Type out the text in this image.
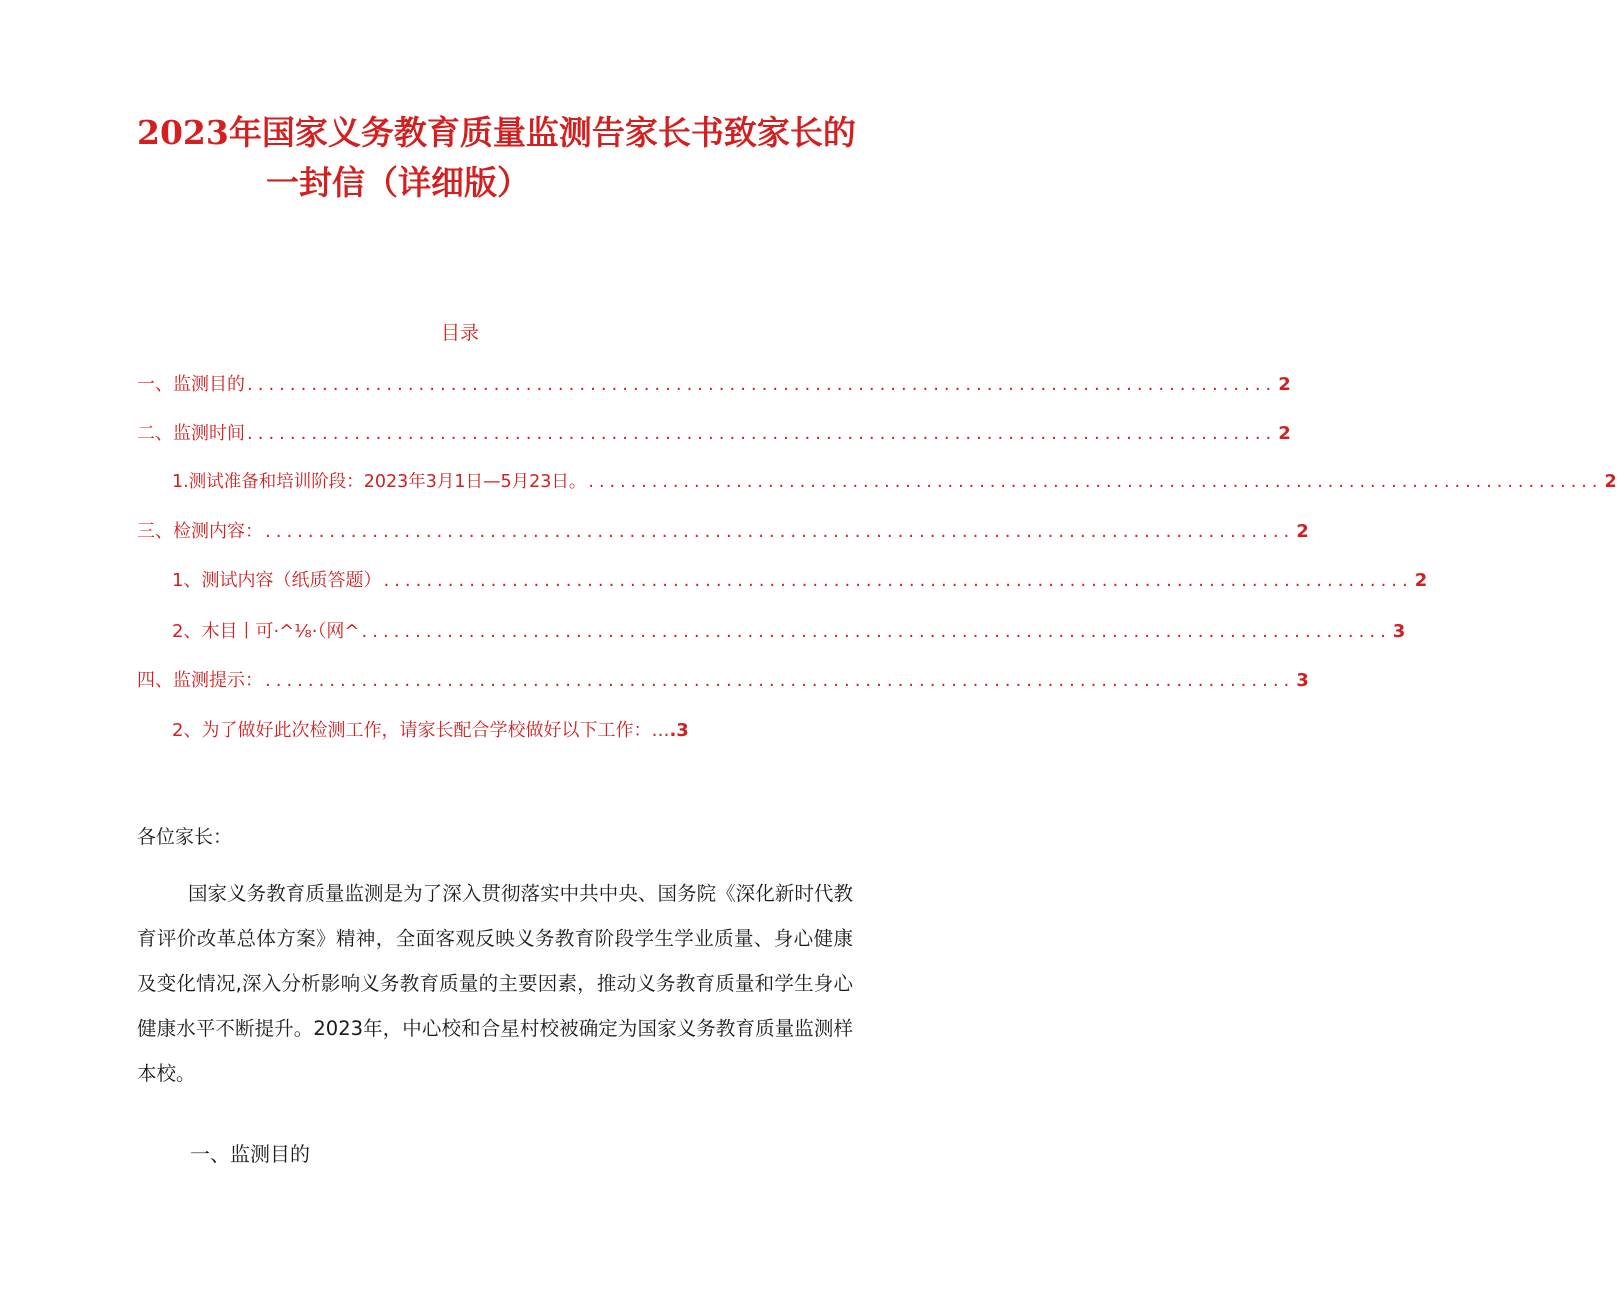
2023年国家义务教育质量监测告家长书致家长的
一封信（详细版）
目录
一、监测目的 ................................................................................................ 2
二、监测时间 ................................................................................................ 2
1.测试准备和培训阶段：2023年3月1日—5月23日。 ................................................................................................ 2
三、检测内容： ................................................................................................ 2
1、测试内容（纸质答题） ................................................................................................ 2
2、木目丨可·^⅛·（网^ ................................................................................................ 3
四、监测提示： ................................................................................................ 3
2、为了做好此次检测工作，请家长配合学校做好以下工作：… .3
各位家长：
国家义务教育质量监测是为了深入贯彻落实中共中央、国务院《深化新时代教育评价改革总体方案》精神，全面客观反映义务教育阶段学生学业质量、身心健康及变化情况,深入分析影响义务教育质量的主要因素，推动义务教育质量和学生身心健康水平不断提升。2023年，中心校和合星村校被确定为国家义务教育质量监测样本校。
一、监测目的
